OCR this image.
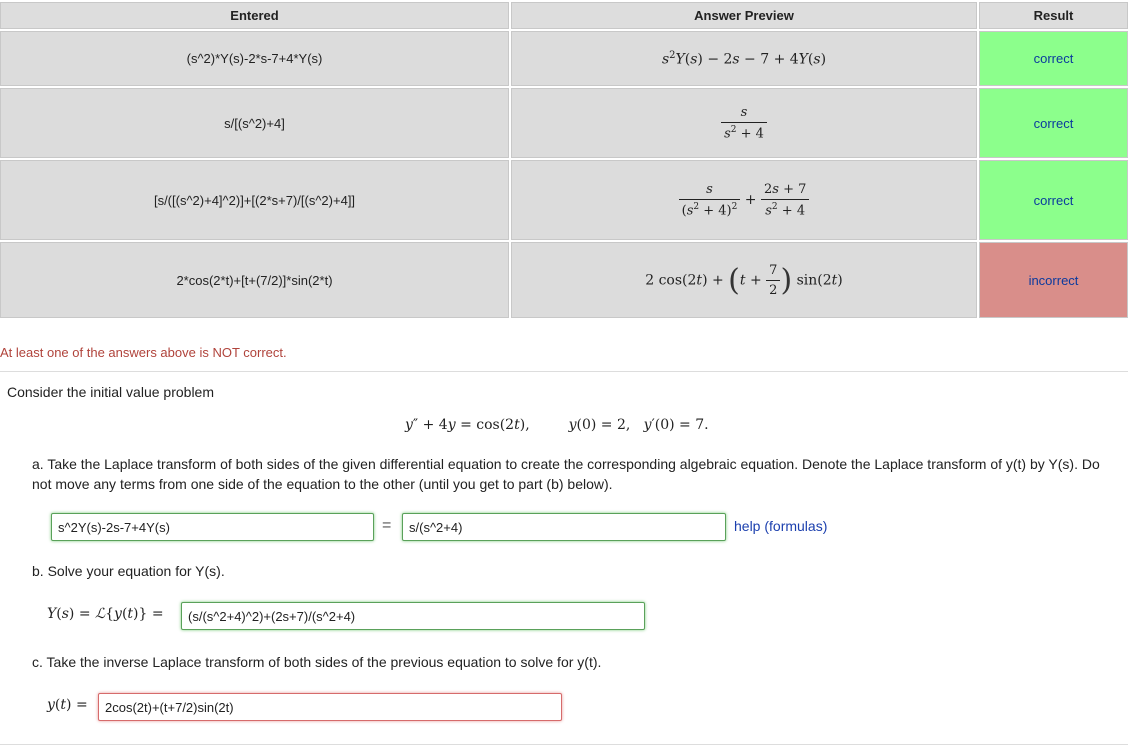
Entered	Answer Preview	Result
(s^2)*Y(s)-2*s-7+4*Y(s)	$s^2Y(s) - 2s - 7 + 4Y(s)$	correct
s/[(s^2)+4]	$\frac{s}{s^2 + 4}$	correct
[s/([(s^2)+4]^2)]+[(2*s+7)/[(s^2)+4]]	$\frac{s}{(s^2 + 4)^2} + \frac{2s + 7}{s^2 + 4}$	correct
2*cos(2*t)+[t+(7/2)]*sin(2*t)	2 $\cos(2t) + (t + \frac{7}{2}$ ) sin(2t)	incorrect
At least one of the answers above is NOT correct.
Consider the initial value problem
y″ + 4y = cos(2t),  y(0) = 2,   y′(0) = 7.
a. Take the Laplace transform of both sides of the given differential equation to create the corresponding algebraic equation. Denote the Laplace transform of y(t) by Y(s). Do not move any terms from one side of the equation to the other (until you get to part (b) below).
s^2Y(s)-2s-7+4Y(s)
=
s/(s^2+4)	help (formulas)
b. Solve your equation for Y(s).
Y(s) = ℒ{y(t)} =
(s/(s^2+4)^2)+(2s+7)/(s^2+4)
c. Take the inverse Laplace transform of both sides of the previous equation to solve for y(t).
y(t) =
2cos(2t)+(t+7/2)sin(2t)
